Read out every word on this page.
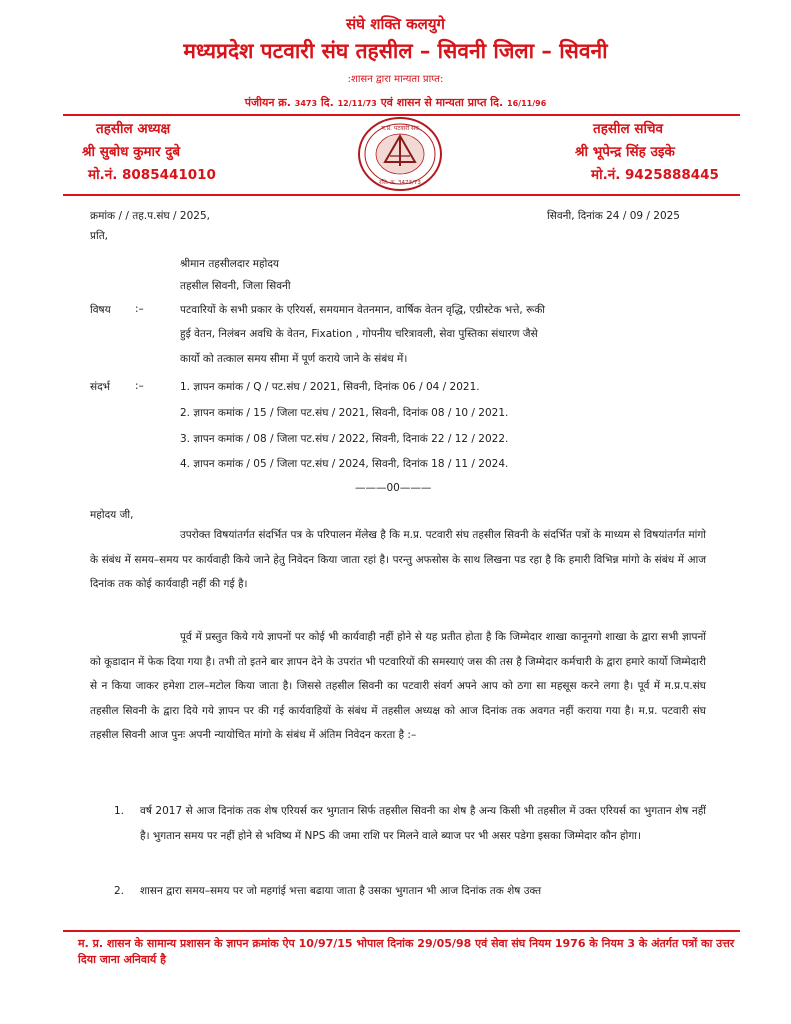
संघे शक्ति कलयुगे
मध्यप्रदेश पटवारी संघ तहसील – सिवनी जिला – सिवनी
:शासन द्वारा मान्यता प्राप्त:
पंजीयन क्र. 3473 दि. 12/11/73 एवं शासन से मान्यता प्राप्त दि. 16/11/96
तहसील अध्यक्ष
श्री सुबोध कुमार दुबे
मो.नं. 8085441010
म.प्र. पटवारी संघ
रजि. क्र. 3473/73
तहसील सचिव
श्री भूपेन्द्र सिंह उइके
मो.नं. 9425888445
क्रमांक / / तह.प.संघ / 2025,	सिवनी, दिनांक 24 / 09 / 2025
प्रति,
श्रीमान तहसीलदार महोदय
तहसील सिवनी, जिला सिवनी
विषय :–	पटवारियों के सभी प्रकार के एरियर्स, समयमान वेतनमान, वार्षिक वेतन वृद्धि, एग्रीस्टेक भत्ते, रूकी
हुई वेतन, निलंबन अवधि के वेतन, Fixation , गोपनीय चरित्रावली, सेवा पुस्तिका संधारण जैसे
कार्यो को तत्काल समय सीमा में पूर्ण कराये जाने के संबंध में।
संदर्भ :–	1. ज्ञापन कमांक / Q / पट.संघ / 2021, सिवनी, दिनांक 06 / 04 / 2021.
2. ज्ञापन कमांक / 15 / जिला पट.संघ / 2021, सिवनी, दिनांक 08 / 10 / 2021.
3. ज्ञापन कमांक / 08 / जिला पट.संघ / 2022, सिवनी, दिनाकं 22 / 12 / 2022.
4. ज्ञापन कमांक / 05 / जिला पट.संघ / 2024, सिवनी, दिनांक 18 / 11 / 2024.
———00———
महोदय जी,
उपरोक्त विषयांतर्गत संदर्भित पत्र के परिपालन मेंलेख है कि म.प्र. पटवारी संघ तहसील सिवनी के संदर्भित पत्रों के माध्यम से विषयांतर्गत मांगो के संबंध में समय–समय पर कार्यवाही किये जाने हेतु निवेदन किया जाता रहां है। परन्तु अफसोस के साथ लिखना पड रहा है कि हमारी विभिन्न मांगो के संबंध में आज दिनांक तक कोई कार्यवाही नहीं की गई है।
पूर्व में प्रस्तुत किये गये ज्ञापनों पर कोई भी कार्यवाही नहीं होने से यह प्रतीत होता है कि जिम्मेदार शाखा कानूनगो शाखा के द्वारा सभी ज्ञापनों को कूडादान में फेक दिया गया है। तभी तो इतने बार ज्ञापन देने के उपरांत भी पटवारियों की समस्याएं जस की तस है जिम्मेदार कर्मचारी के द्वारा हमारे कार्यो जिम्मेदारी से न किया जाकर हमेशा टाल–मटोल किया जाता है। जिससे तहसील सिवनी का पटवारी संवर्ग अपने आप को ठगा सा महसूस करने लगा है। पूर्व में म.प्र.प.संघ तहसील सिवनी के द्वारा दिये गये ज्ञापन पर की गई कार्यवाहियों के संबंध में तहसील अध्यक्ष को आज दिनांक तक अवगत नहीं कराया गया है। म.प्र. पटवारी संघ तहसील सिवनी आज पुनः अपनी न्यायोचित मांगो के संबंध में अंतिम निवेदन करता है :–
1. वर्ष 2017 से आज दिनांक तक शेष एरियर्स कर भुगतान सिर्फ तहसील सिवनी का शेष है अन्य किसी भी तहसील में उक्त एरियर्स का भुगतान शेष नहीं है। भुगतान समय पर नहीं होने से भविष्य में NPS की जमा राशि पर मिलने वाले ब्याज पर भी असर पडेगा इसका जिम्मेदार कौन होगा।
2. शासन द्वारा समय–समय पर जो महगांई भत्ता बढाया जाता है उसका भुगतान भी आज दिनांक तक शेष उक्त
म. प्र. शासन के सामान्य प्रशासन के ज्ञापन क्रमांक ऐप 10/97/15 भोपाल दिनांक 29/05/98 एवं सेवा संघ नियम 1976 के नियम 3 के अंतर्गत पत्रों का उत्तर दिया जाना अनिवार्य है
